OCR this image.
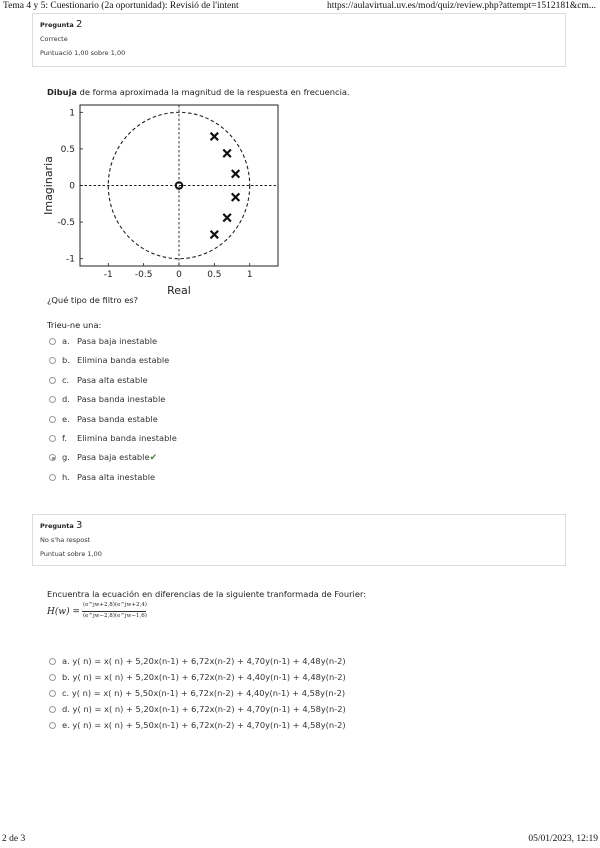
Tema 4 y 5: Cuestionario (2a oportunidad): Revisió de l'intent	https://aulavirtual.uv.es/mod/quiz/review.php?attempt=1512181&cm...
Pregunta 2
Correcte
Puntuació 1,00 sobre 1,00
Dibuja de forma aproximada la magnitud de la respuesta en frecuencia.
-1 -0.5	0	0.5	1
1
0.5
0
-0.5
-1
Real
Imaginaria
¿Qué tipo de filtro es?
Trieu-ne una:
a. Pasa baja inestable
b. Elimina banda estable
c. Pasa alta estable
d. Pasa banda inestable
e. Pasa banda estable
f. Elimina banda inestable
g. Pasa baja estable✔
h. Pasa alta inestable
Pregunta 3
No s'ha respost
Puntuat sobre 1,00
Encuentra la ecuación en diferencias de la siguiente tranformada de Fourier:
H(w) =
(e^jw+2,8)(e^jw+2,4)
(e^jw−2,8)(e^jw−1,6)
a. y( n) = x( n) + 5,20x(n-1) + 6,72x(n-2) + 4,70y(n-1) + 4,48y(n-2)
b. y( n) = x( n) + 5,20x(n-1) + 6,72x(n-2) + 4,40y(n-1) + 4,48y(n-2)
c. y( n) = x( n) + 5,50x(n-1) + 6,72x(n-2) + 4,40y(n-1) + 4,58y(n-2)
d. y( n) = x( n) + 5,20x(n-1) + 6,72x(n-2) + 4,70y(n-1) + 4,58y(n-2)
e. y( n) = x( n) + 5,50x(n-1) + 6,72x(n-2) + 4,70y(n-1) + 4,58y(n-2)
2 de 3	05/01/2023, 12:19
